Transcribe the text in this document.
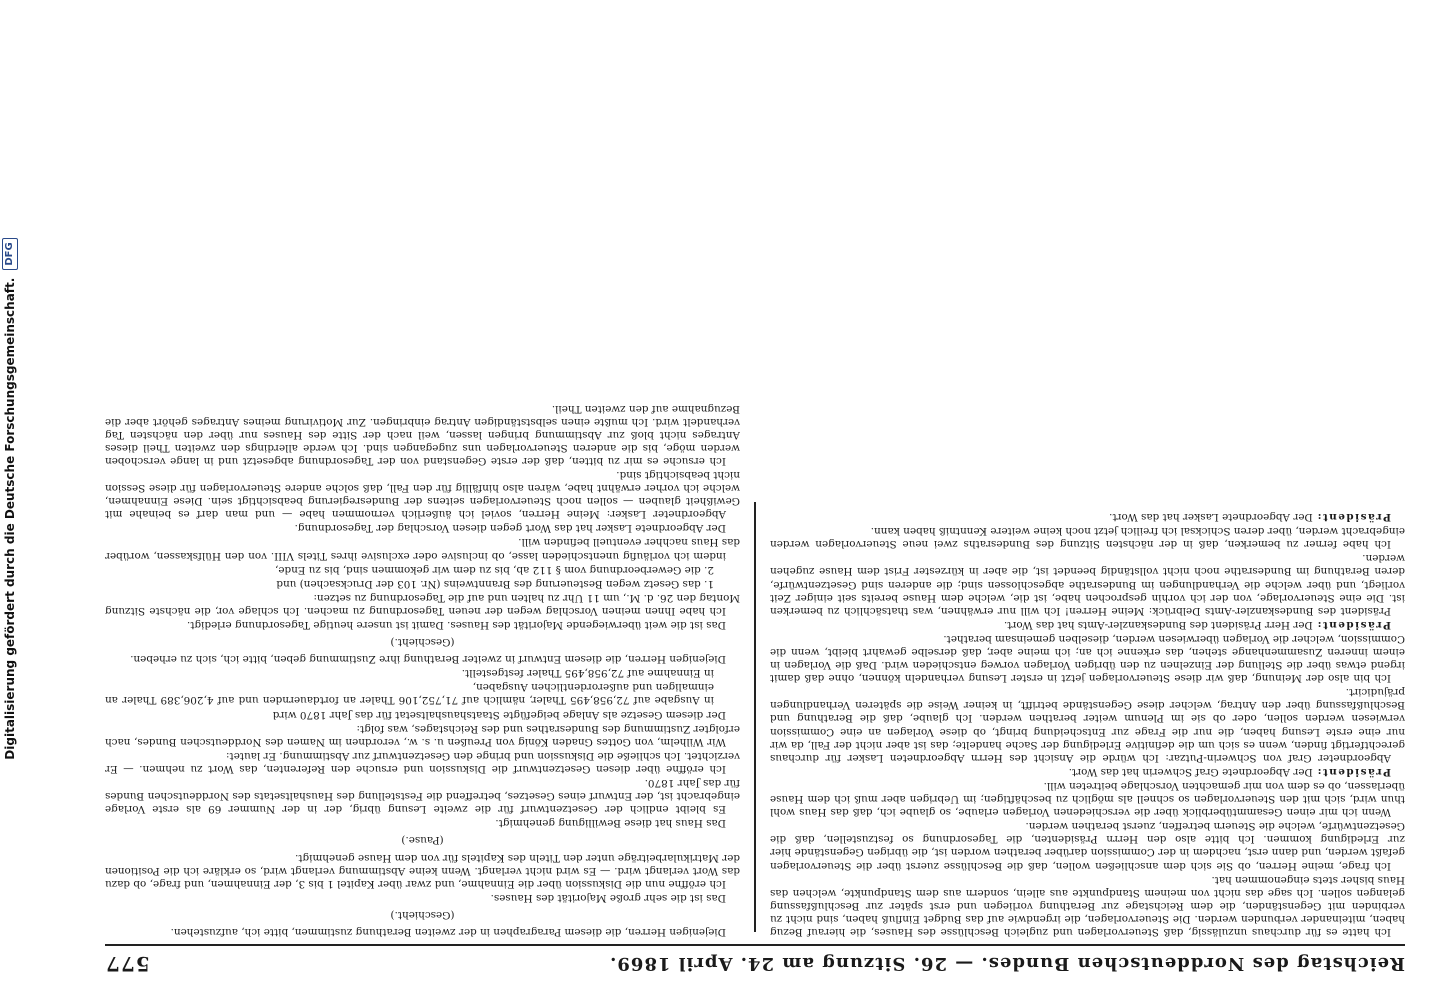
Digitalisierung gefördert durch die Deutsche Forschungsgemeinschaft.
DFG
Reichstag des Norddeutschen Bundes. — 26. Sitzung am 24. April 1869.
577

Ich hatte es für durchaus unzulässig, daß Steuervorlagen und zugleich Beschlüsse des Hauses, die hierauf Bezug haben, miteinander verbunden werden. Die Steuervorlagen, die irgendwie auf das Budget Einfluß haben, sind nicht zu verbinden mit Gegenständen, die dem Reichstage zur Berathung vorliegen und erst später zur Beschlußfassung gelangen sollen. Ich sage das nicht von meinem Standpunkte aus allein, sondern aus dem Standpunkte, welchen das Haus bisher stets eingenommen hat.

Ich frage, meine Herren, ob Sie sich dem anschließen wollen, daß die Beschlüsse zuerst über die Steuervorlagen gefaßt werden, und dann erst, nachdem in der Commission darüber berathen worden ist, die übrigen Gegenstände hier zur Erledigung kommen. Ich bitte also den Herrn Präsidenten, die Tagesordnung so festzustellen, daß die Gesetzentwürfe, welche die Steuern betreffen, zuerst berathen werden.

Wenn ich mir einen Gesammtüberblick über die verschiedenen Vorlagen erlaube, so glaube ich, daß das Haus wohl thun wird, sich mit den Steuervorlagen so schnell als möglich zu beschäftigen; im Uebrigen aber muß ich dem Hause überlassen, ob es dem von mir gemachten Vorschlage beitreten will.

Präsident: Der Abgeordnete Graf Schwerin hat das Wort.

Abgeordneter Graf von Schwerin-Putzar: Ich würde die Ansicht des Herrn Abgeordneten Lasker für durchaus gerechtfertigt finden, wenn es sich um die definitive Erledigung der Sache handelte; das ist aber nicht der Fall, da wir nur eine erste Lesung haben, die nur die Frage zur Entscheidung bringt, ob diese Vorlagen an eine Commission verwiesen werden sollen, oder ob sie im Plenum weiter berathen werden. Ich glaube, daß die Berathung und Beschlußfassung über den Antrag, welcher diese Gegenstände betrifft, in keiner Weise die späteren Verhandlungen präjudicirt.

Ich bin also der Meinung, daß wir diese Steuervorlagen jetzt in erster Lesung verhandeln können, ohne daß damit irgend etwas über die Stellung der Einzelnen zu den übrigen Vorlagen vorweg entschieden wird. Daß die Vorlagen in einem inneren Zusammenhange stehen, das erkenne ich an; ich meine aber, daß derselbe gewahrt bleibt, wenn die Commission, welcher die Vorlagen überwiesen werden, dieselben gemeinsam berathet.

Präsident: Der Herr Präsident des Bundeskanzler-Amts hat das Wort.

Präsident des Bundeskanzler-Amts Delbrück: Meine Herren! Ich will nur erwähnen, was thatsächlich zu bemerken ist. Die eine Steuervorlage, von der ich vorhin gesprochen habe, ist die, welche dem Hause bereits seit einiger Zeit vorliegt, und über welche die Verhandlungen im Bundesrathe abgeschlossen sind; die anderen sind Gesetzentwürfe, deren Berathung im Bundesrathe noch nicht vollständig beendet ist, die aber in kürzester Frist dem Hause zugehen werden.

Ich habe ferner zu bemerken, daß in der nächsten Sitzung des Bundesraths zwei neue Steuervorlagen werden eingebracht werden, über deren Schicksal ich freilich jetzt noch keine weitere Kenntniß haben kann.

Präsident: Der Abgeordnete Lasker hat das Wort.

Diejenigen Herren, die diesem Paragraphen in der zweiten Berathung zustimmen, bitte ich, aufzustehen.

(Geschieht.)

Das ist die sehr große Majorität des Hauses.

Ich eröffne nun die Diskussion über die Einnahme, und zwar über Kapitel 1 bis 3, der Einnahmen, und frage, ob dazu das Wort verlangt wird. — Es wird nicht verlangt. Wenn keine Abstimmung verlangt wird, so erkläre ich die Positionen der Matrikularbeiträge unter den Titeln des Kapitels für von dem Hause genehmigt.

(Pause.)

Das Haus hat diese Bewilligung genehmigt.

Es bleibt endlich der Gesetzentwurf für die zweite Lesung übrig, der in der Nummer 69 als erste Vorlage eingebracht ist, der Entwurf eines Gesetzes, betreffend die Feststellung des Haushaltsetats des Norddeutschen Bundes für das Jahr 1870.

Ich eröffne über diesen Gesetzentwurf die Diskussion und ersuche den Referenten, das Wort zu nehmen. — Er verzichtet. Ich schließe die Diskussion und bringe den Gesetzentwurf zur Abstimmung. Er lautet:

Wir Wilhelm, von Gottes Gnaden König von Preußen u. s. w., verordnen im Namen des Norddeutschen Bundes, nach erfolgter Zustimmung des Bundesrathes und des Reichstages, was folgt:

Der diesem Gesetze als Anlage beigefügte Staatshaushaltsetat für das Jahr 1870 wird

in Ausgabe auf 72,958,495 Thaler, nämlich auf 71,752,106 Thaler an fortdauernden und auf 4,206,389 Thaler an einmaligen und außerordentlichen Ausgaben,

in Einnahme auf 72,958,495 Thaler festgestellt.

Diejenigen Herren, die diesem Entwurf in zweiter Berathung ihre Zustimmung geben, bitte ich, sich zu erheben.

(Geschieht.)

Das ist die weit überwiegende Majorität des Hauses. Damit ist unsere heutige Tagesordnung erledigt.

Ich habe Ihnen meinen Vorschlag wegen der neuen Tagesordnung zu machen. Ich schlage vor, die nächste Sitzung Montag den 26. d. M., um 11 Uhr zu halten und auf die Tagesordnung zu setzen:

1. das Gesetz wegen Besteuerung des Branntweins (Nr. 103 der Drucksachen) und

2. die Gewerbeordnung vom § 112 ab, bis zu dem wir gekommen sind, bis zu Ende,

indem ich vorläufig unentschieden lasse, ob inclusive oder exclusive ihres Titels VIII. von den Hülfskassen, worüber das Haus nachher eventuell befinden will.

Der Abgeordnete Lasker hat das Wort gegen diesen Vorschlag der Tagesordnung.

Abgeordneter Lasker: Meine Herren, soviel ich äußerlich vernommen habe — und man darf es beinahe mit Gewißheit glauben — sollen noch Steuervorlagen seitens der Bundesregierung beabsichtigt sein. Diese Einnahmen, welche ich vorher erwähnt habe, wären also hinfällig für den Fall, daß solche andere Steuervorlagen für diese Session nicht beabsichtigt sind.

Ich ersuche es mir zu bitten, daß der erste Gegenstand von der Tagesordnung abgesetzt und in lange verschoben werden möge, bis die anderen Steuervorlagen uns zugegangen sind. Ich werde allerdings den zweiten Theil dieses Antrages nicht bloß zur Abstimmung bringen lassen, weil nach der Sitte des Hauses nur über den nächsten Tag verhandelt wird. Ich mußte einen selbstständigen Antrag einbringen. Zur Motivirung meines Antrages gehört aber die Bezugnahme auf den zweiten Theil.
